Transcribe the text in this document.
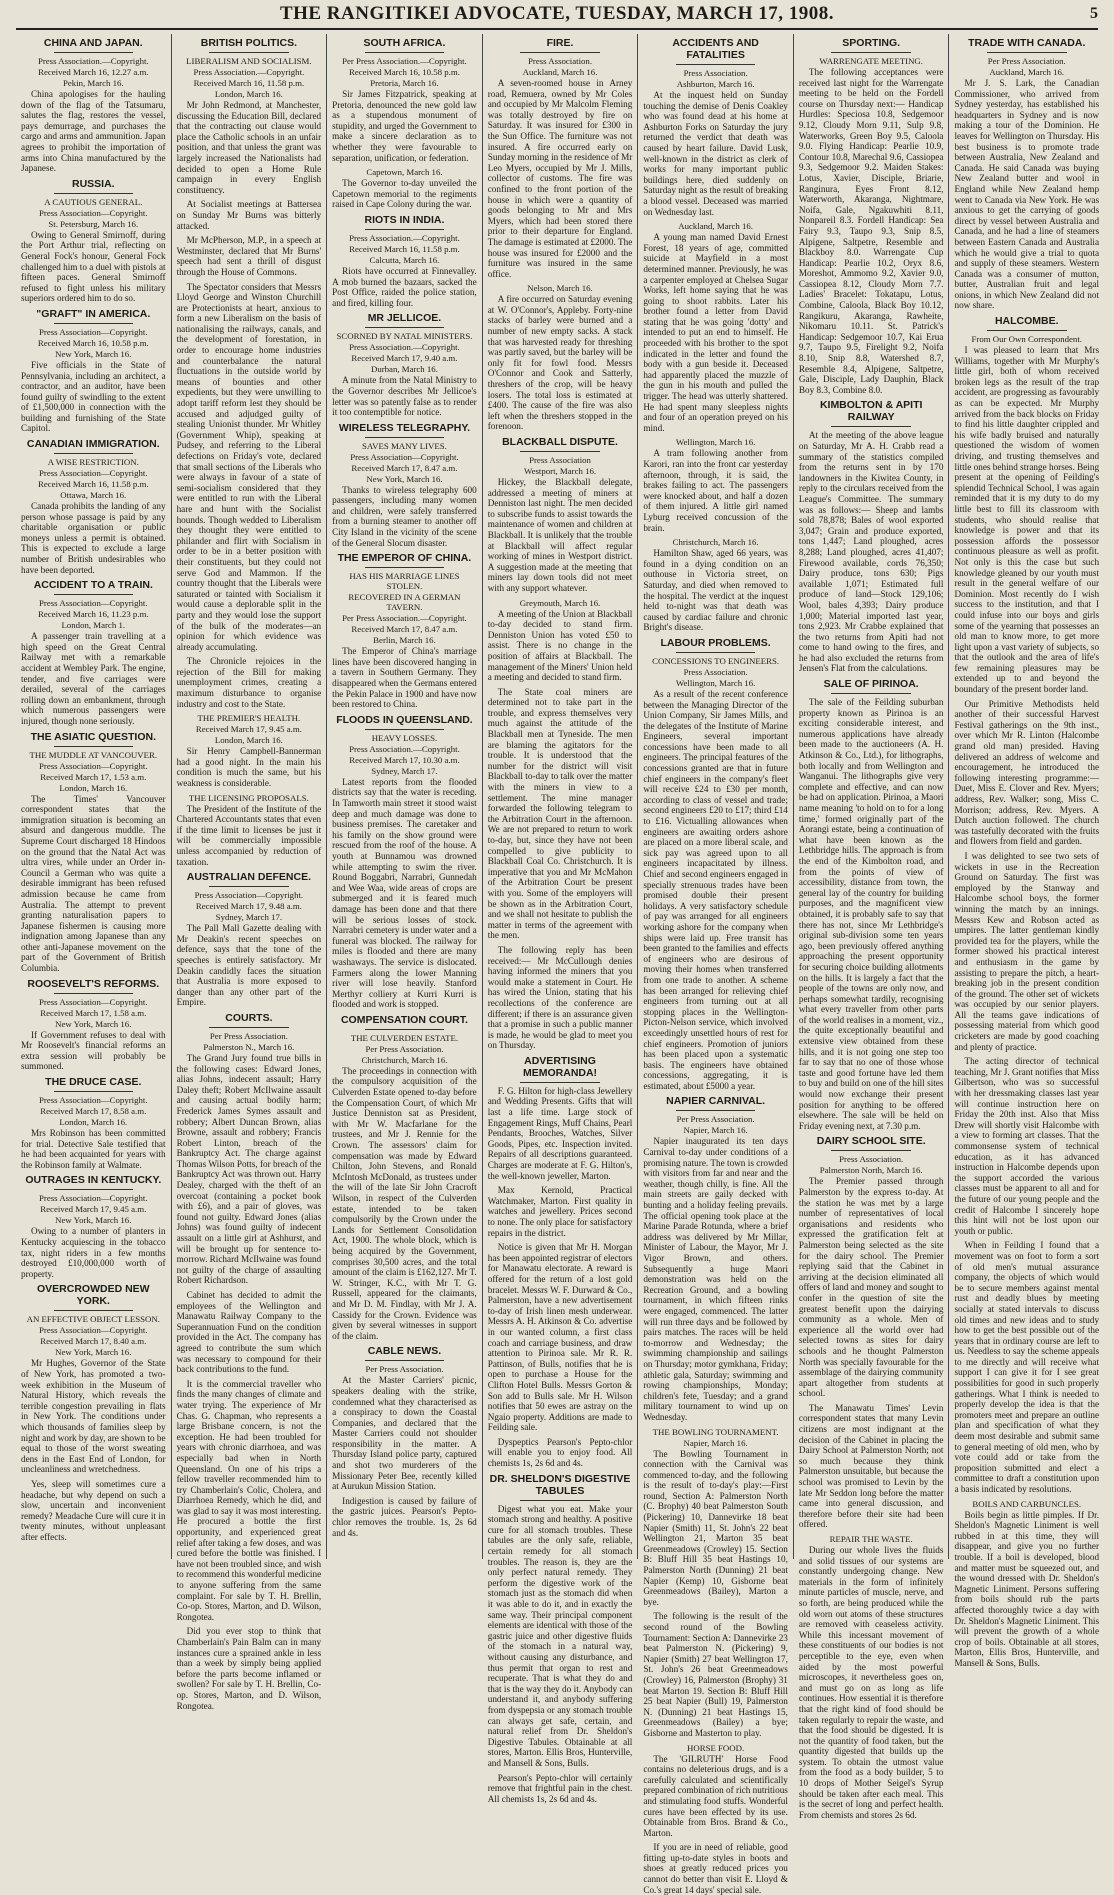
THE RANGITIKEI ADVOCATE, TUESDAY, MARCH 17, 1908.	5
CHINA AND JAPAN.
Press Association.—Copyright.
Received March 16, 12.27 a.m.
Pekin, March 16.
China apologises for the hauling down of the flag of the Tatsumaru, salutes the flag, restores the vessel, pays demurrage, and purchases the cargo and arms and ammunition. Japan agrees to prohibit the importation of arms into China manufactured by the Japanese.
RUSSIA.
A CAUTIOUS GENERAL.
Press Association—Copyright.
St. Petersburg, March 16.
Owing to General Smirnoff, during the Port Arthur trial, reflecting on General Fock's honour, General Fock challenged him to a duel with pistols at fifteen paces. General Smirnoff refused to fight unless his military superiors ordered him to do so.
"GRAFT" IN AMERICA.
Press Association—Copyright.
Received March 16, 10.58 p.m.
New York, March 16.
Five officials in the State of Pennsylvania, including an architect, a contractor, and an auditor, have been found guilty of swindling to the extent of £1,500,000 in connection with the building and furnishing of the State Capitol.
CANADIAN IMMIGRATION.
A WISE RESTRICTION.
Press Association—Copyright.
Received March 16, 11.58 p.m.
Ottawa, March 16.
Canada prohibits the landing of any person whose passage is paid by any charitable organisation or public moneys unless a permit is obtained. This is expected to exclude a large number of British undesirables who have been deported.
ACCIDENT TO A TRAIN.
Press Association—Copyright.
Received March 16, 11.23 p.m.
London, March 1.
A passenger train travelling at a high speed on the Great Central Railway met with a remarkable accident at Wembley Park. The engine, tender, and five carriages were derailed, several of the carriages rolling down an embankment, through which numerous passengers were injured, though none seriously.
THE ASIATIC QUESTION.
THE MUDDLE AT VANCOUVER.
Press Association—Copyright.
Received March 17, 1.53 a.m.
London, March 16.
The Times' Vancouver correspondent states that the immigration situation is becoming an absurd and dangerous muddle. The Supreme Court discharged 18 Hindoos on the ground that the Natal Act was ultra vires, while under an Order in-Council a German who was quite a desirable immigrant has been refused admission because he came from Australia. The attempt to prevent granting naturalisation papers to Japanese fishermen is causing more indignation among Japanese than any other anti-Japanese movement on the part of the Government of British Columbia.
ROOSEVELT'S REFORMS.
Press Association—Copyright.
Received March 17, 1.58 a.m.
New York, March 16.
If Government refuses to deal with Mr Roosevelt's financial reforms an extra session will probably be summoned.
THE DRUCE CASE.
Press Association—Copyright.
Received March 17, 8.58 a.m.
London, March 16.
Mrs Robinson has been committed for trial. Detective Sale testified that he had been acquainted for years with the Robinson family at Walmate.
OUTRAGES IN KENTUCKY.
Press Association—Copyright.
Received March 17, 9.45 a.m.
New York, March 16.
Owing to a number of planters in Kentucky acquiescing in the tobacco tax, night riders in a few months destroyed £10,000,000 worth of property.
OVERCROWDED NEW YORK.
AN EFFECTIVE OBJECT LESSON.
Press Association—Copyright.
Received March 17, 8.40 a.m.
New York, March 16.
Mr Hughes, Governor of the State of New York, has promoted a two-week exhibition in the Museum of Natural History, which reveals the terrible congestion prevailing in flats in New York. The conditions under which thousands of families sleep by night and work by day, are shown to be equal to those of the worst sweating dens in the East End of London, for uncleanliness and wretchedness.
Yes, sleep will sometimes cure a headache, but why depend on such a slow, uncertain and inconvenient remedy? Meadache Cure will cure it in twenty minutes, without unpleasant after effects.
BRITISH POLITICS.
LIBERALISM AND SOCIALISM.
Press Association.—Copyright.
Received March 16, 11.58 p.m.
London, March 16.
Mr John Redmond, at Manchester, discussing the Education Bill, declared that the contracting out clause would place the Catholic schools in an unfair position, and that unless the grant was largely increased the Nationalists had decided to open a Home Rule campaign in every English constituency.
At Socialist meetings at Battersea on Sunday Mr Burns was bitterly attacked.
Mr McPherson, M.P., in a speech at Westminster, declared that Mr Burns' speech had sent a thrill of disgust through the House of Commons.
The Spectator considers that Messrs Lloyd George and Winston Churchill are Protectionists at heart, anxious to form a new Liberalism on the basis of nationalising the railways, canals, and the development of forestation, in order to encourage home industries and counterbalance the natural fluctuations in the outside world by means of bounties and other expedients, but they were unwilling to adopt tariff reform lest they should be accused and adjudged guilty of stealing Unionist thunder. Mr Whitley (Government Whip), speaking at Pudsey, and referring to the Liberal defections on Friday's vote, declared that small sections of the Liberals who were always in favour of a state of semi-socialism considered that they were entitled to run with the Liberal hare and hunt with the Socialist hounds. Though wedded to Liberalism they thought they were entitled to philander and flirt with Socialism in order to be in a better position with their constituents, but they could not serve God and Mammon. If the country thought that the Liberals were saturated or tainted with Socialism it would cause a deplorable split in the party and they would lose the support of the bulk of the moderates—an opinion for which evidence was already accumulating.
The Chronicle rejoices in the rejection of the Bill for making unemployment crimes, creating a maximum disturbance to organise industry and cost to the State.
THE PREMIER'S HEALTH.
Received March 17, 9.45 a.m.
London, March 16.
Sir Henry Campbell-Bannerman had a good night. In the main his condition is much the same, but his weakness is considerable.
THE LICENSING PROPOSALS.
The President of the Institute of the Chartered Accountants states that even if the time limit to licenses be just it will be commercially impossible unless accompanied by reduction of taxation.
AUSTRALIAN DEFENCE.
Press Association—Copyright.
Received March 17, 9.48 a.m.
Sydney, March 17.
The Pall Mall Gazette dealing with Mr Deakin's recent speeches on defence, says that the tone of the speeches is entirely satisfactory. Mr Deakin candidly faces the situation that Australia is more exposed to danger than any other part of the Empire.
COURTS.
Per Press Association.
Palmerston N., March 16.
The Grand Jury found true bills in the following cases: Edward Jones, alias Johns, indecent assault; Harry Daley theft; Robert McIlwaine assault and causing actual bodily harm; Frederick James Symes assault and robbery; Albert Duncan Brown, alias Browne, assault and robbery; Francis Robert Linton, breach of the Bankruptcy Act. The charge against Thomas Wilson Potts, for breach of the Bankruptcy Act was thrown out. Harry Dealey, charged with the theft of an overcoat (containing a pocket book with £6), and a pair of gloves, was found not guilty. Edward Jones (alias Johns) was found guilty of indecent assault on a little girl at Ashhurst, and will be brought up for sentence to-morrow. Richard McIlwaine was found not guilty of the charge of assaulting Robert Richardson.
Cabinet has decided to admit the employees of the Wellington and Manawatu Railway Company to the Superannuation Fund on the condition provided in the Act. The company has agreed to contribute the sum which was necessary to compound for their back contributions to the fund.
It is the commercial traveller who finds the many changes of climate and water trying. The experience of Mr Chas. G. Chapman, who represents a large Brisbane concern, is not the exception. He had been troubled for years with chronic diarrhoea, and was especially bad when in North Queensland. On one of his trips a fellow traveller recommended him to try Chamberlain's Colic, Cholera, and Diarrhoea Remedy, which he did, and was glad to say it was most interesting. He procured a bottle the first opportunity, and experienced great relief after taking a few doses, and was cured before the bottle was finished. I have not been troubled since, and wish to recommend this wonderful medicine to anyone suffering from the same complaint. For sale by T. H. Brellin, Co-op. Stores, Marton, and D. Wilson, Rongotea.
Did you ever stop to think that Chamberlain's Pain Balm can in many instances cure a sprained ankle in less than a week by simply being applied before the parts become inflamed or swollen? For sale by T. H. Brellin, Co-op. Stores, Marton, and D. Wilson, Rongotea.
SOUTH AFRICA.
Per Press Association.—Copyright.
Received March 16, 10.58 p.m.
Pretoria, March 16.
Sir James Fitzpatrick, speaking at Pretoria, denounced the new gold law as a stupendous monument of stupidity, and urged the Government to make a sincere declaration as to whether they were favourable to separation, unification, or federation.
Capetown, March 16.
The Governor to-day unveiled the Capetown memorial to the regiments raised in Cape Colony during the war.
RIOTS IN INDIA.
Press Association.—Copyright.
Received March 16, 11.58 p.m.
Calcutta, March 16.
Riots have occurred at Finnevalley. A mob burned the bazaars, sacked the Post Office, raided the police station, and fired, killing four.
MR JELLICOE.
SCORNED BY NATAL MINISTERS.
Press Association.—Copyright.
Received March 17, 9.40 a.m.
Durban, March 16.
A minute from the Natal Ministry to the Governor describes Mr Jellicoe's letter was so patently false as to render it too contemptible for notice.
WIRELESS TELEGRAPHY.
SAVES MANY LIVES.
Press Association—Copyright.
Received March 17, 8.47 a.m.
New York, March 16.
Thanks to wireless telegraphy 600 passengers, including many women and children, were safely transferred from a burning steamer to another off City Island in the vicinity of the scene of the General Slocum disaster.
THE EMPEROR OF CHINA.
HAS HIS MARRIAGE LINES STOLEN.
RECOVERED IN A GERMAN TAVERN.
Per Press Association.—Copyright.
Received March 17, 8.47 a.m.
Berlin, March 16.
The Emperor of China's marriage lines have been discovered hanging in a tavern in Southern Germany. They disappeared when the Germans entered the Pekin Palace in 1900 and have now been restored to China.
FLOODS IN QUEENSLAND.
HEAVY LOSSES.
Press Association.—Copyright.
Received March 17, 10.30 a.m.
Sydney, March 17.
Latest reports from the flooded districts say that the water is receding. In Tamworth main street it stood waist deep and much damage was done to business premises. The caretaker and his family on the show ground were rescued from the roof of the house. A youth at Bunnamou was drowned while attempting to swim the river. Round Boggabri, Narrabri, Gunnedah and Wee Waa, wide areas of crops are submerged and it is feared much damage has been done and that there will be serious losses of stock. Narrabri cemetery is under water and a funeral was blocked. The railway for miles is flooded and there are many washaways. The service is dislocated. Farmers along the lower Manning river will lose heavily. Stanford Merthyr colliery at Kurri Kurri is flooded and work is stopped.
COMPENSATION COURT.
THE CULVERDEN ESTATE.
Per Press Association.
Christchurch, March 16.
The proceedings in connection with the compulsory acquisition of the Culverden Estate opened to-day before the Compensation Court, of which Mr Justice Denniston sat as President, with Mr W. Macfarlane for the trustees, and Mr J. Rennie for the Crown. The assessors' claim for compensation was made by Edward Chilton, John Stevens, and Ronald McIntosh McDonald, as trustees under the will of the late Sir John Cracroft Wilson, in respect of the Culverden estate, intended to be taken compulsorily by the Crown under the Lands for Settlement Consolidation Act, 1900. The whole block, which is being acquired by the Government, comprises 30,500 acres, and the total amount of the claim is £162,127. Mr T. W. Stringer, K.C., with Mr T. G. Russell, appeared for the claimants, and Mr D. M. Findlay, with Mr J. A. Cassidy for the Crown. Evidence was given by several witnesses in support of the claim.
CABLE NEWS.
Per Press Association.
At the Master Carriers' picnic, speakers dealing with the strike, condemned what they characterised as a conspiracy to down the Coastal Companies, and declared that the Master Carriers could not shoulder responsibility in the matter. A Thursday Island police party, captured and shot two murderers of the Missionary Peter Bee, recently killed at Aurukun Mission Station.
Indigestion is caused by failure of the gastric juices. Pearson's Pepto-chlor removes the trouble. 1s, 2s 6d and 4s.
FIRE.
Press Association.
Auckland, March 16.
A seven-roomed house in Arney road, Remuera, owned by Mr Coles and occupied by Mr Malcolm Fleming was totally destroyed by fire on Saturday. It was insured for £300 in the Sun Office. The furniture was not insured. A fire occurred early on Sunday morning in the residence of Mr Leo Myers, occupied by Mr J. Mills, collector of customs. The fire was confined to the front portion of the house in which were a quantity of goods belonging to Mr and Mrs Myers, which had been stored there prior to their departure for England. The damage is estimated at £2000. The house was insured for £2000 and the furniture was insured in the same office.
Nelson, March 16.
A fire occurred on Saturday evening at W. O'Connor's, Appleby. Forty-nine stacks of barley were burned and a number of new empty sacks. A stack that was harvested ready for threshing was partly saved, but the barley will be only fit for fowl food. Messrs O'Connor and Cook and Satterly, threshers of the crop, will be heavy losers. The total loss is estimated at £400. The cause of the fire was also left when the threshers stopped in the forenoon.
BLACKBALL DISPUTE.
Press Association
Westport, March 16.
Hickey, the Blackball delegate, addressed a meeting of miners at Denniston last night. The men decided to subscribe funds to assist towards the maintenance of women and children at Blackball. It is unlikely that the trouble at Blackball will affect regular working of mines in Westport district. A suggestion made at the meeting that miners lay down tools did not meet with any support whatever.
Greymouth, March 16.
A meeting of the Union at Blackball to-day decided to stand firm. Denniston Union has voted £50 to assist. There is no change in the position of affairs at Blackball. The management of the Miners' Union held a meeting and decided to stand firm.
The State coal miners are determined not to take part in the trouble, and express themselves very much against the attitude of the Blackball men at Tyneside. The men are blaming the agitators for the trouble. It is understood that the number for the district will visit Blackball to-day to talk over the matter with the miners in view to a settlement. The mine manager forwarded the following telegram to the Arbitration Court in the afternoon. We are not prepared to return to work to-day, but, since they have not been compelled to give publicity to Blackball Coal Co. Christchurch. It is imperative that you and Mr McMahon of the Arbitration Court be present with you. Some of the employers will be shown as in the Arbitration Court, and we shall not hesitate to publish the matter in terms of the agreement with the men.
The following reply has been received:— Mr McCullough denies having informed the miners that you would make a statement in Court. He has wired the Union, stating that his recollections of the conference are different; if there is an assurance given that a promise in such a public manner is made, he would be glad to meet you on Thursday.
ADVERTISING MEMORANDA!
F. G. Hilton for high-class Jewellery and Wedding Presents. Gifts that will last a life time. Large stock of Engagement Rings, Muff Chains, Pearl Pendants, Brooches, Watches, Silver Goods, Pipes, etc. Inspection invited. Repairs of all descriptions guaranteed. Charges are moderate at F. G. Hilton's, the well-known jeweller, Marton.
Max Kernold, Practical Watchmaker, Marton. First quality in watches and jewellery. Prices second to none. The only place for satisfactory repairs in the district.
Notice is given that Mr H. Morgan has been appointed registrar of electors for Manawatu electorate. A reward is offered for the return of a lost gold bracelet. Messrs W. F. Durward & Co., Palmerston, have a new advertisement to-day of Irish linen mesh underwear. Messrs A. H. Atkinson & Co. advertise in our wanted column, a first class coach and carriage business, and draw attention to Pirinoa sale. Mr R. R. Pattinson, of Bulls, notifies that he is open to purchase a House for the Clifton Hotel Bulls. Messrs Gorton & Son add to Bulls sale. Mr H. Wilson notifies that 50 ewes are astray on the Ngaio property. Additions are made to Feilding sale.
Dyspeptics Pearson's Pepto-chlor will enable you to enjoy food. All chemists 1s, 2s 6d and 4s.
DR. SHELDON'S DIGESTIVE TABULES
Digest what you eat. Make your stomach strong and healthy. A positive cure for all stomach troubles. These tabules are the only safe, reliable, certain remedy for all stomach troubles. The reason is, they are the only perfect natural remedy. They perform the digestive work of the stomach just as the stomach did when it was able to do it, and in exactly the same way. Their principal component elements are identical with those of the gastric juice and other digestive fluids of the stomach in a natural way, without causing any disturbance, and thus permit that organ to rest and recuperate. That is what they do and that is the way they do it. Anybody can understand it, and anybody suffering from dyspepsia or any stomach trouble can always get safe, certain, and natural relief from Dr. Sheldon's Digestive Tabules. Obtainable at all stores, Marton. Ellis Bros, Hunterville, and Mansell & Sons, Bulls.
Pearson's Pepto-chlor will certainly remove that frightful pain in the chest. All chemists 1s, 2s 6d and 4s.
ACCIDENTS AND FATALITIES
Press Association.
Ashburton, March 16.
At the inquest held on Sunday touching the demise of Denis Coakley who was found dead at his home at Ashburton Forks on Saturday the jury returned the verdict that death was caused by heart failure. David Lusk, well-known in the district as clerk of works for many important public buildings here, died suddenly on Saturday night as the result of breaking a blood vessel. Deceased was married on Wednesday last.
Auckland, March 16.
A young man named David Ernest Forest, 18 years of age, committed suicide at Mayfield in a most determined manner. Previously, he was a carpenter employed at Chelsea Sugar Works, left home saying that he was going to shoot rabbits. Later his brother found a letter from David stating that he was going 'dotty' and intended to put an end to himself. He proceeded with his brother to the spot indicated in the letter and found the body with a gun beside it. Deceased had apparently placed the muzzle of the gun in his mouth and pulled the trigger. The head was utterly shattered. He had spent many sleepless nights and four of an operation preyed on his mind.
Wellington, March 16.
A tram following another from Karori, ran into the front car yesterday afternoon, through, it is said, the brakes failing to act. The passengers were knocked about, and half a dozen of them injured. A little girl named Lyburg received concussion of the brain.
Christchurch, March 16.
Hamilton Shaw, aged 66 years, was found in a dying condition on an outhouse in Victoria street, on Saturday, and died when removed to the hospital. The verdict at the inquest held to-night was that death was caused by cardiac failure and chronic Bright's disease.
LABOUR PROBLEMS.
CONCESSIONS TO ENGINEERS.
Press Association.
Wellington, March 16.
As a result of the recent conference between the Managing Director of the Union Company, Sir James Mills, and the delegates of the Institute of Marine Engineers, several important concessions have been made to all engineers. The principal features of the concessions granted are that in future chief engineers in the company's fleet will receive £24 to £30 per month, according to class of vessel and trade; second engineers £20 to £17; third £14 to £16. Victualling allowances when engineers are awaiting orders ashore are placed on a more liberal scale, and sick pay was agreed upon to all engineers incapacitated by illness. Chief and second engineers engaged in specially strenuous trades have been promised double their present holidays. A very satisfactory schedule of pay was arranged for all engineers working ashore for the company when ships were laid up. Free transit has been granted to the families and effects of engineers who are desirous of moving their homes when transferred from one trade to another. A scheme has been arranged for relieving chief engineers from turning out at all stopping places in the Wellington-Picton-Nelson service, which involved exceedingly unsettled hours of rest for chief engineers. Promotion of juniors has been placed upon a systematic basis. The engineers have obtained concessions, aggregating, it is estimated, about £5000 a year.
NAPIER CARNIVAL.
Per Press Association.
Napier, March 16.
Napier inaugurated its ten days Carnival to-day under conditions of a promising nature. The town is crowded with visitors from far and near and the weather, though chilly, is fine. All the main streets are gaily decked with bunting and a holiday feeling prevails. The official opening took place at the Marine Parade Rotunda, where a brief address was delivered by Mr Millar, Minister of Labour, the Mayor, Mr J. Vigor Brown, and others. Subsequently a huge Maori demonstration was held on the Recreation Ground, and a bowling tournament, in which fifteen rinks were engaged, commenced. The latter will run three days and be followed by pairs matches. The races will be held to-morrow and Wednesday; the swimming championship and sailings on Thursday; motor gymkhana, Friday; athletic gala, Saturday; swimming and rowing championships, Monday; children's fete, Tuesday; and a grand military tournament to wind up on Wednesday.
THE BOWLING TOURNAMENT.
Napier, March 16.
The Bowling Tournament in connection with the Carnival was commenced to-day, and the following is the result of to-day's play:—First round, Section A: Palmerston North (C. Brophy) 40 beat Palmerston South (Pickering) 10, Dannevirke 18 beat Napier (Smith) 11, St. John's 22 beat Wellington 21, Marton 35 beat Greenmeadows (Crowley) 15. Section B: Bluff Hill 35 beat Hastings 10, Palmerston North (Dunning) 21 beat Napier (Kemp) 10, Gisborne beat Greenmeadows (Bailey), Marton a bye.
The following is the result of the second round of the Bowling Tournament: Section A: Dannevirke 23 beat Palmerston N. (Pickering) 9, Napier (Smith) 27 beat Wellington 17, St. John's 26 beat Greenmeadows (Crowley) 16, Palmerston (Brophy) 31 beat Marton 19. Section B: Bluff Hill 25 beat Napier (Bull) 19, Palmerston N. (Dunning) 21 beat Hastings 15, Greenmeadows (Bailey) a bye; Gisborne and Masterton to play.
HORSE FOOD.
The 'GILRUTH' Horse Food contains no deleterious drugs, and is a carefully calculated and scientifically prepared combination of rich nutritious and stimulating food stuffs. Wonderful cures have been effected by its use. Obtainable from Bros. Brand & Co., Marton.
If you are in need of reliable, good fitting up-to-date styles in boots and shoes at greatly reduced prices you cannot do better than visit E. Lloyd & Co.'s great 14 days' special sale.
SPORTING.
WARRENGATE MEETING.
The following acceptances were received last night for the Warrengate meeting to be held on the Fordell course on Thursday next:— Handicap Hurdles: Speciosa 10.8, Sedgemoor 9.12, Cloudy Morn 9.11, Sulp 9.8, Waterworks, Green Boy 9.5, Caloola 9.0. Flying Handicap: Pearlie 10.9, Contour 10.8, Marechal 9.6, Cassiopea 9.3, Sedgemoor 9.2. Maiden Stakes: Lotus, Xavier, Disciple, Briarie, Ranginura, Eyes Front 8.12, Waterworth, Akaranga, Nightmare, Noifa, Gale, Ngakuwhiti 8.11, Nonpareil 8.3. Fordell Handicap: Sea Fairy 9.3, Taupo 9.3, Snip 8.5, Alpigene, Saltpetre, Resemble and Blackboy 8.0. Warrengate Cup Handicap: Pearlie 10.2, Oryx 8.6, Moreshot, Ammomo 9.2, Xavier 9.0, Cassiopea 8.12, Cloudy Morn 7.7. Ladies' Bracelet: Tokatapu, Lotus, Combine, Caloola, Black Boy 10.12, Rangikuru, Akaranga, Rawheite, Nikomaru 10.11. St. Patrick's Handicap: Sedgemoor 10.7, Kai Erua 9.7, Taupo 9.5, Firelight 9.2, Noifa 8.10, Snip 8.8, Watershed 8.7, Resemble 8.4, Alpigene, Saltpetre, Gale, Disciple, Lady Dauphin, Black Boy 8.3, Combine 8.0.
KIMBOLTON & APITI RAILWAY
At the meeting of the above league on Saturday, Mr A. H. Crabb read a summary of the statistics compiled from the returns sent in by 170 landowners in the Kiwitea County, in reply to the circulars received from the League's Committee. The summary was as follows:— Sheep and lambs sold 78,878; Bales of wool exported 3,047; Grain and produce exported, tons 1,447; Land ploughed, acres 8,288; Land ploughed, acres 41,407; Firewood available, cords 76,350; Dairy produce, tons 630; Pigs available 1,071; Estimated full produce of land—Stock 129,106; Wool, bales 4,393; Dairy produce 1,000; Material imported last year, tons 2,923. Mr Crabbe explained that the two returns from Apiti had not come to hand owing to the fires, and he had also excluded the returns from Jensen's Flat from the calculations.
SALE OF PIRINOA.
The sale of the Feilding suburban property known as Pirinoa is an exciting considerable interest, and numerous applications have already been made to the auctioneers (A. H. Atkinson & Co., Ltd.), for lithographs, both locally and from Wellington and Wanganui. The lithographs give very complete and effective, and can now be had on application. Pirinoa, a Maori name meaning 'to hold on to for a long time,' formed originally part of the Aorangi estate, being a continuation of what have been known as the Lethbridge hills. The approach is from the end of the Kimbolton road, and from the points of view of accessibility, distance from town, the general lay of the country for building purposes, and the magnificent view obtained, it is probably safe to say that there has not, since Mr Lethbridge's original sub-division some ten years ago, been previously offered anything approaching the present opportunity for securing choice building allotments on the hills. It is largely a fact that the people of the towns are only now, and perhaps somewhat tardily, recognising what every traveller from other parts of the world realises in a moment, viz., the quite exceptionally beautiful and extensive view obtained from these hills, and it is not going one step too far to say that no one of those whose taste and good fortune have led them to buy and build on one of the hill sites would now exchange their present position for anything to be offered elsewhere. The sale will be held on Friday evening next, at 7.30 p.m.
DAIRY SCHOOL SITE.
Press Association.
Palmerston North, March 16.
The Premier passed through Palmerston by the express to-day. At the station he was met by a large number of representatives of local organisations and residents who expressed the gratification felt at Palmerston being selected as the site for the dairy school. The Premier replying said that the Cabinet in arriving at the decision eliminated all offers of land and money and sought to confer in the question of site the greatest benefit upon the dairying community as a whole. Men of experience all the world over had selected towns as sites for dairy schools and he thought Palmerston North was specially favourable for the assemblage of the dairying community apart altogether from students at school.
The Manawatu Times' Levin correspondent states that many Levin citizens are most indignant at the decision of the Cabinet in placing the Dairy School at Palmerston North; not so much because they think Palmerston unsuitable, but because the school was promised to Levin by the late Mr Seddon long before the matter came into general discussion, and therefore before their site had been offered.
REPAIR THE WASTE.
During our whole lives the fluids and solid tissues of our systems are constantly undergoing change. New materials in the form of infinitely minute particles of muscle, nerve, and so forth, are being produced while the old worn out atoms of these structures are removed with ceaseless activity. While this incessant movement of these constituents of our bodies is not perceptible to the eye, even when aided by the most powerful microscopes, it nevertheless goes on, and must go on as long as life continues. How essential it is therefore that the right kind of food should be taken regularly to repair the waste, and that the food should be digested. It is not the quantity of food taken, but the quantity digested that builds up the system. To obtain the utmost value from the food as a body builder, 5 to 10 drops of Mother Seigel's Syrup should be taken after each meal. This is the secret of long and perfect health. From chemists and stores 2s 6d.
TRADE WITH CANADA.
Per Press Association.
Auckland, March 16.
Mr J. S. Lark, the Canadian Commissioner, who arrived from Sydney yesterday, has established his headquarters in Sydney and is now making a tour of the Dominion. He leaves for Wellington on Thursday. His best business is to promote trade between Australia, New Zealand and Canada. He said Canada was buying New Zealand butter and wool in England while New Zealand hemp went to Canada via New York. He was anxious to get the carrying of goods direct by vessel between Australia and Canada, and he had a line of steamers between Eastern Canada and Australia which he would give a trial to quota and supply of these steamers. Western Canada was a consumer of mutton, butter, Australian fruit and legal onions, in which New Zealand did not now share.
HALCOMBE.
From Our Own Correspondent.
I was pleased to learn that Mrs Williams, together with Mr Murphy's little girl, both of whom received broken legs as the result of the trap accident, are progressing as favourably as can be expected. Mr Murphy arrived from the back blocks on Friday to find his little daughter crippled and his wife badly bruised and naturally questioned the wisdom of women driving, and trusting themselves and little ones behind strange horses. Being present at the opening of Feilding's splendid Technical School, I was again reminded that it is my duty to do my little best to fill its classroom with students, who should realise that knowledge is power and that its possession affords the possessor continuous pleasure as well as profit. Not only is this the case but such knowledge gleaned by our youth must result in the general welfare of our Dominion. Most recently do I wish success to the institution, and that I could infuse into our boys and girls some of the yearning that possesses an old man to know more, to get more light upon a vast variety of subjects, so that the outlook and the area of life's few remaining pleasures may be extended up to and beyond the boundary of the present border land.
Our Primitive Methodists held another of their successful Harvest Festival gatherings on the 9th inst., over which Mr R. Linton (Halcombe grand old man) presided. Having delivered an address of welcome and encouragement, he introduced the following interesting programme:— Duet, Miss E. Clover and Rev. Myers; address, Rev. Walker; song, Miss C. Morrison; address, Rev. Myers. A Dutch auction followed. The church was tastefully decorated with the fruits and flowers from field and garden.
I was delighted to see two sets of wickets in use in the Recreation Ground on Saturday. The first was employed by the Stanway and Halcombe school boys, the former winning the match by an innings. Messrs Kew and Robson acted as umpires. The latter gentleman kindly provided tea for the players, while the former showed his practical interest and enthusiasm in the game by assisting to prepare the pitch, a heart-breaking job in the present condition of the ground. The other set of wickets was occupied by our senior players. All the teams gave indications of possessing material from which good cricketers are made by good coaching and plenty of practice.
The acting director of technical teaching, Mr J. Grant notifies that Miss Gilbertson, who was so successful with her dressmaking classes last year will continue instruction here on Friday the 20th inst. Also that Miss Drew will shortly visit Halcombe with a view to forming art classes. That the commonsense system of technical education, as it has advanced instruction in Halcombe depends upon the support accorded the various classes must be apparent to all and for the future of our young people and the credit of Halcombe I sincerely hope this hint will not be lost upon our youth or public.
When in Feilding I found that a movement was on foot to form a sort of old men's mutual assurance company, the objects of which would be to secure members against mental rust and deadly blues by meeting socially at stated intervals to discuss old times and new ideas and to study how to get the best possible out of the years that in ordinary course are left to us. Needless to say the scheme appeals to me directly and will receive what support I can give it for I see great possibilities for good in such properly gatherings. What I think is needed to properly develop the idea is that the promoters meet and prepare an outline plan and specification of what they deem most desirable and submit same to general meeting of old men, who by vote could add or take from the proposition submitted and elect a committee to draft a constitution upon a basis indicated by resolutions.
BOILS AND CARBUNCLES.
Boils begin as little pimples. If Dr. Sheldon's Magnetic Liniment is well rubbed in at this time, they will disappear, and give you no further trouble. If a boil is developed, blood and matter must be squeezed out, and the wound dressed with Dr. Sheldon's Magnetic Liniment. Persons suffering from boils should rub the parts affected thoroughly twice a day with Dr. Sheldon's Magnetic Liniment. This will prevent the growth of a whole crop of boils. Obtainable at all stores, Marton, Ellis Bros, Hunterville, and Mansell & Sons, Bulls.
